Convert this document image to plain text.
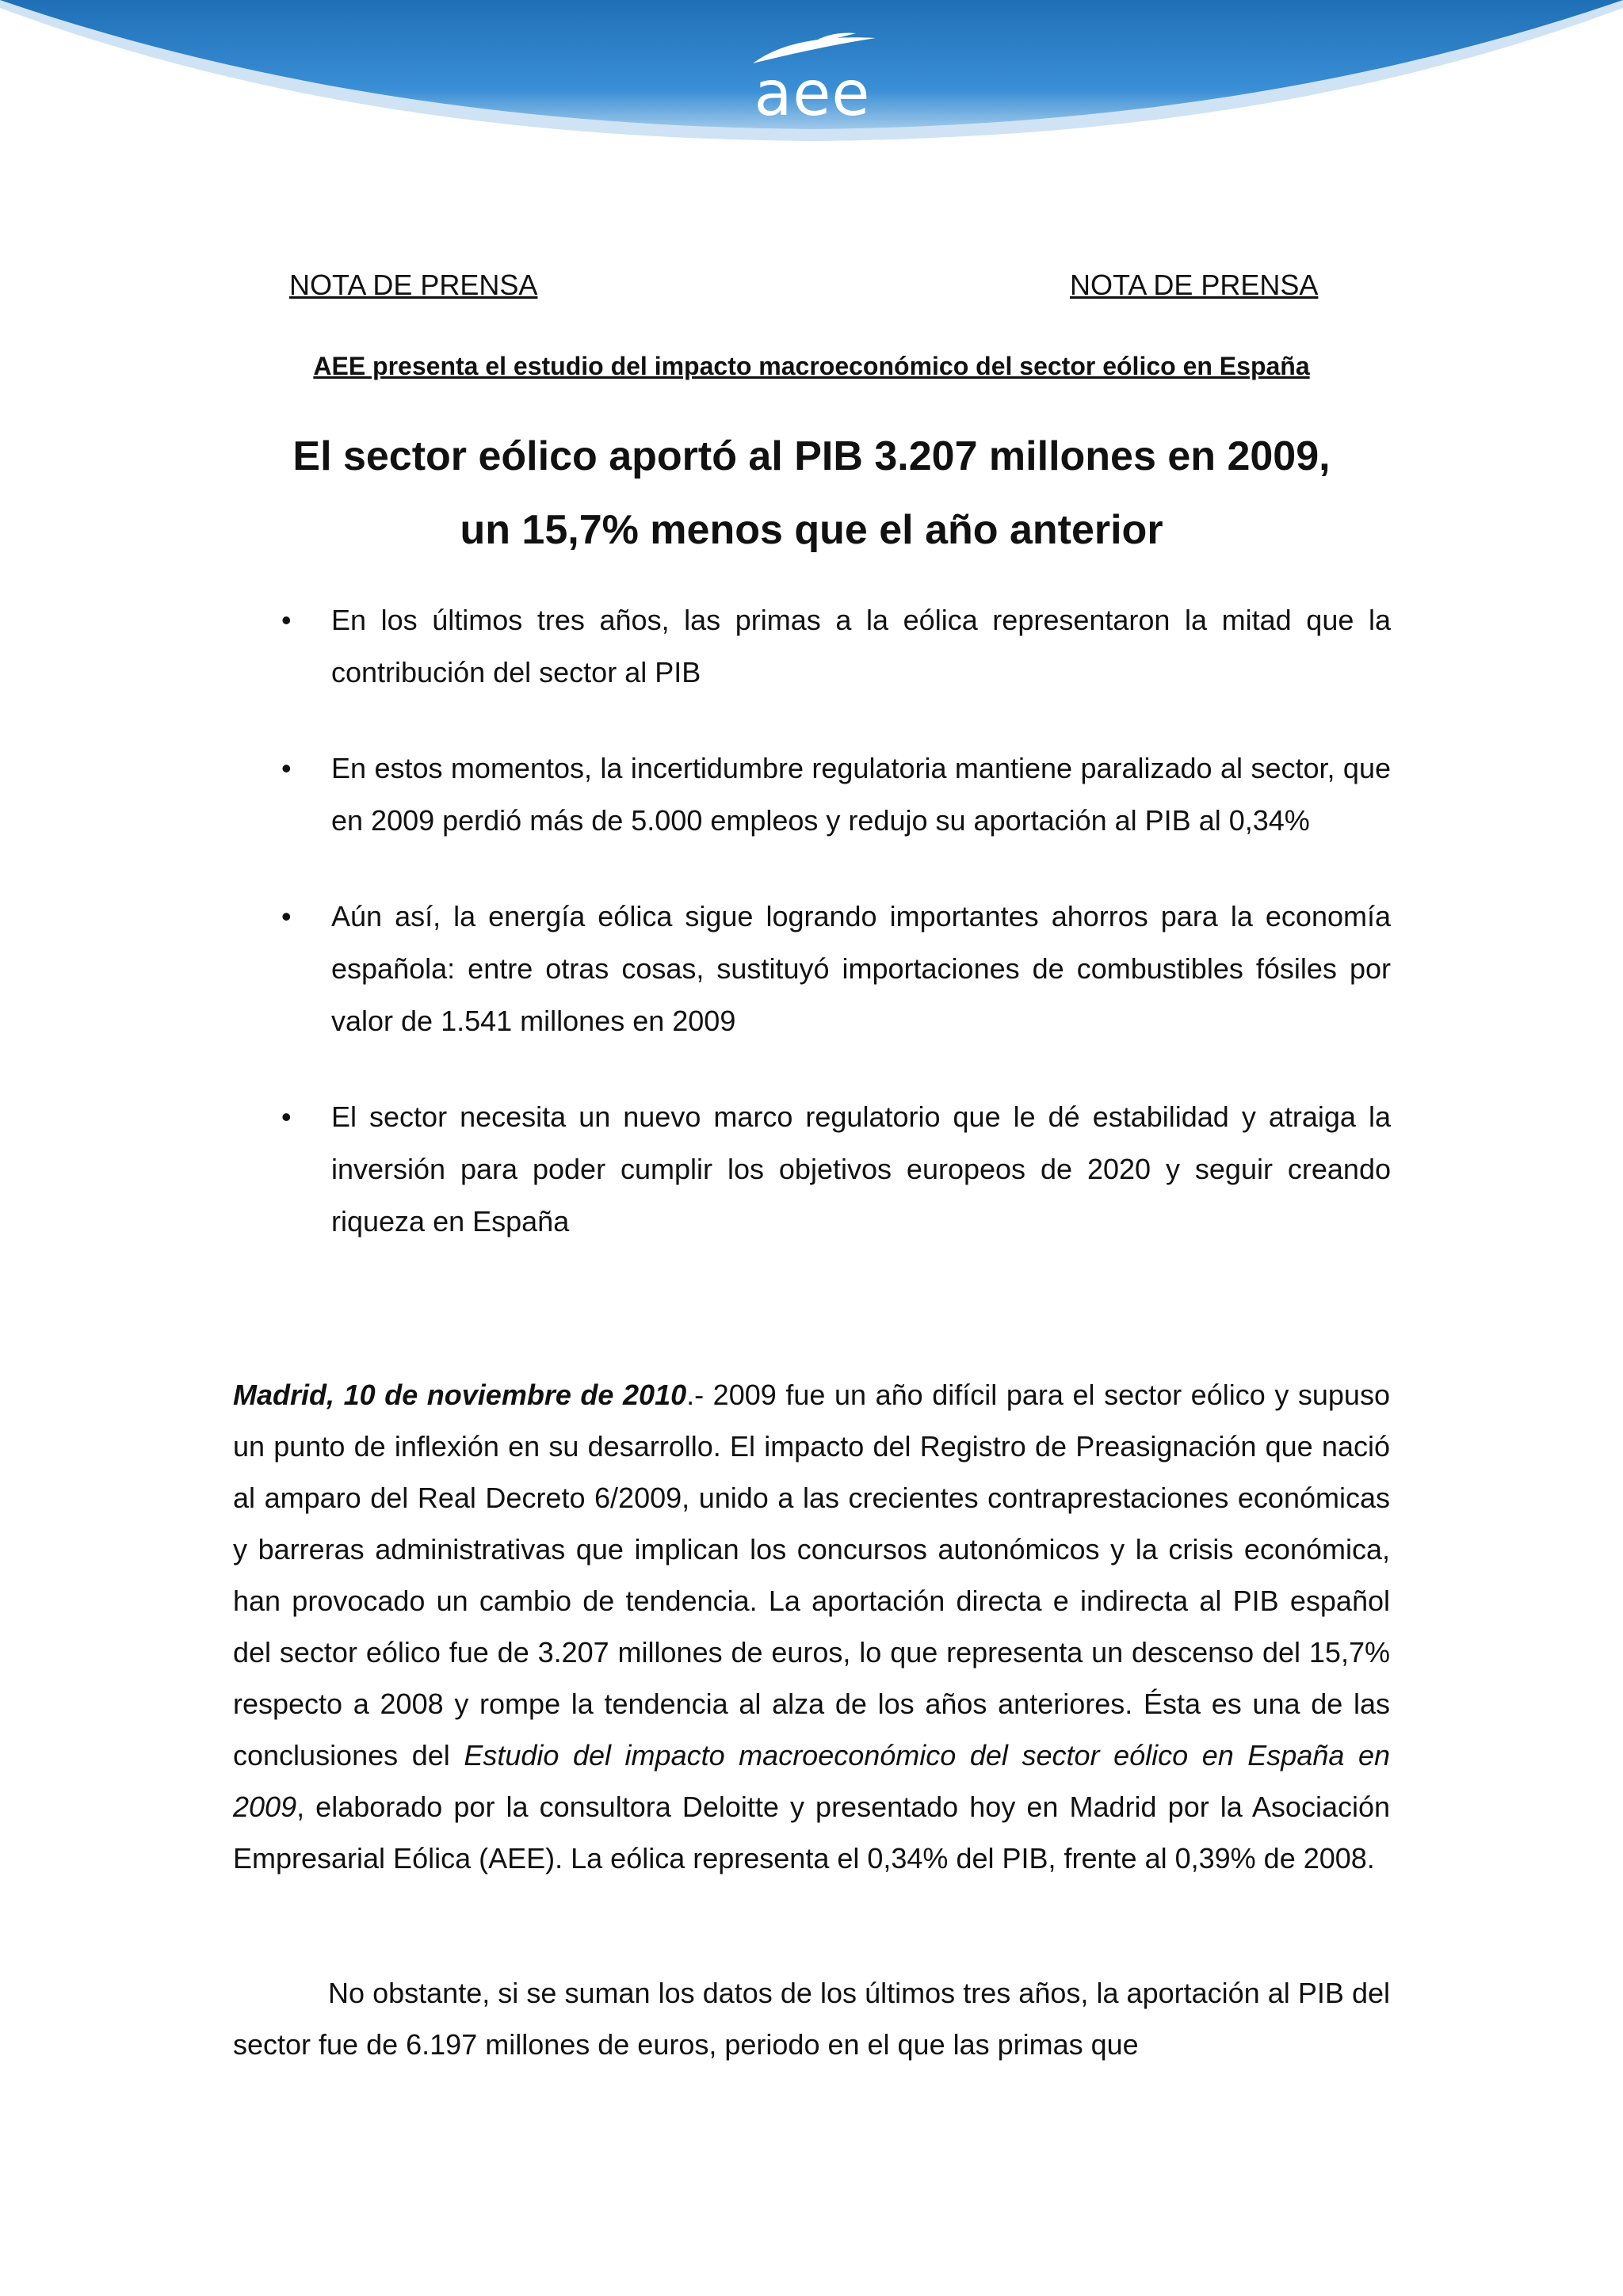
aee
NOTA DE PRENSA	NOTA DE PRENSA
AEE presenta el estudio del impacto macroeconómico del sector eólico en España
El sector eólico aportó al PIB 3.207 millones en 2009,
un 15,7% menos que el año anterior
• En los últimos tres años, las primas a la eólica representaron la mitad que la contribución del sector al PIB
• En estos momentos, la incertidumbre regulatoria mantiene paralizado al sector, que en 2009 perdió más de 5.000 empleos y redujo su aportación al PIB al 0,34%
• Aún así, la energía eólica sigue logrando importantes ahorros para la economía española: entre otras cosas, sustituyó importaciones de combustibles fósiles por valor de 1.541 millones en 2009
• El sector necesita un nuevo marco regulatorio que le dé estabilidad y atraiga la inversión para poder cumplir los objetivos europeos de 2020 y seguir creando riqueza en España

Madrid, 10 de noviembre de 2010.- 2009 fue un año difícil para el sector eólico y supuso un punto de inflexión en su desarrollo. El impacto del Registro de Preasignación que nació al amparo del Real Decreto 6/2009, unido a las crecientes contraprestaciones económicas y barreras administrativas que implican los concursos autonómicos y la crisis económica, han provocado un cambio de tendencia. La aportación directa e indirecta al PIB español del sector eólico fue de 3.207 millones de euros, lo que representa un descenso del 15,7% respecto a 2008 y rompe la tendencia al alza de los años anteriores. Ésta es una de las conclusiones del Estudio del impacto macroeconómico del sector eólico en España en 2009, elaborado por la consultora Deloitte y presentado hoy en Madrid por la Asociación Empresarial Eólica (AEE). La eólica representa el 0,34% del PIB, frente al 0,39% de 2008.

No obstante, si se suman los datos de los últimos tres años, la aportación al PIB del sector fue de 6.197 millones de euros, periodo en el que las primas que
